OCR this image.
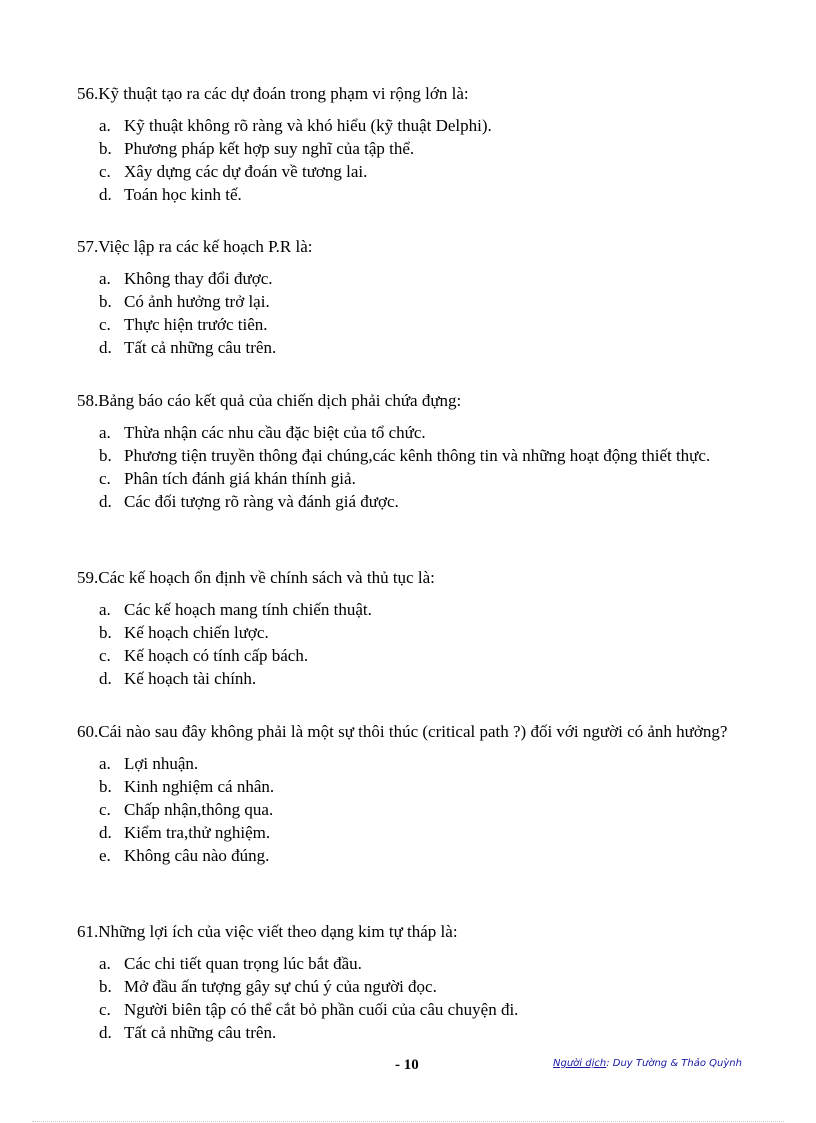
56.Kỹ thuật tạo ra các dự đoán trong phạm vi rộng lớn là:
a. Kỹ thuật không rõ ràng và khó hiểu (kỹ thuật Delphi).
b. Phương pháp kết hợp suy nghĩ của tập thể.
c. Xây dựng các dự đoán về tương lai.
d. Toán học kinh tế.
57.Việc lập ra các kế hoạch P.R là:
a. Không thay đổi được.
b. Có ảnh hưởng trở lại.
c. Thực hiện trước tiên.
d. Tất cả những câu trên.
58.Bảng báo cáo kết quả của chiến dịch phải chứa đựng:
a. Thừa nhận các nhu cầu đặc biệt của tổ chức.
b. Phương tiện truyền thông đại chúng,các kênh thông tin và những hoạt động thiết thực.
c. Phân tích đánh giá khán thính giả.
d. Các đối tượng rõ ràng và đánh giá được.
59.Các kế hoạch ổn định về chính sách và thủ tục là:
a. Các kế hoạch mang tính chiến thuật.
b. Kế hoạch chiến lược.
c. Kế hoạch có tính cấp bách.
d. Kế hoạch tài chính.
60.Cái nào sau đây không phải là một sự thôi thúc (critical path ?) đối với người có ảnh hưởng?
a. Lợi nhuận.
b. Kinh nghiệm cá nhân.
c. Chấp nhận,thông qua.
d. Kiểm tra,thử nghiệm.
e. Không câu nào đúng.
61.Những lợi ích của việc viết theo dạng kim tự tháp là:
a. Các chi tiết quan trọng lúc bắt đầu.
b. Mở đầu ấn tượng gây sự chú ý của người đọc.
c. Người biên tập có thể cắt bỏ phần cuối của câu chuyện đi.
d. Tất cả những câu trên.
- 10	Người dịch: Duy Tường & Thảo Quỳnh
